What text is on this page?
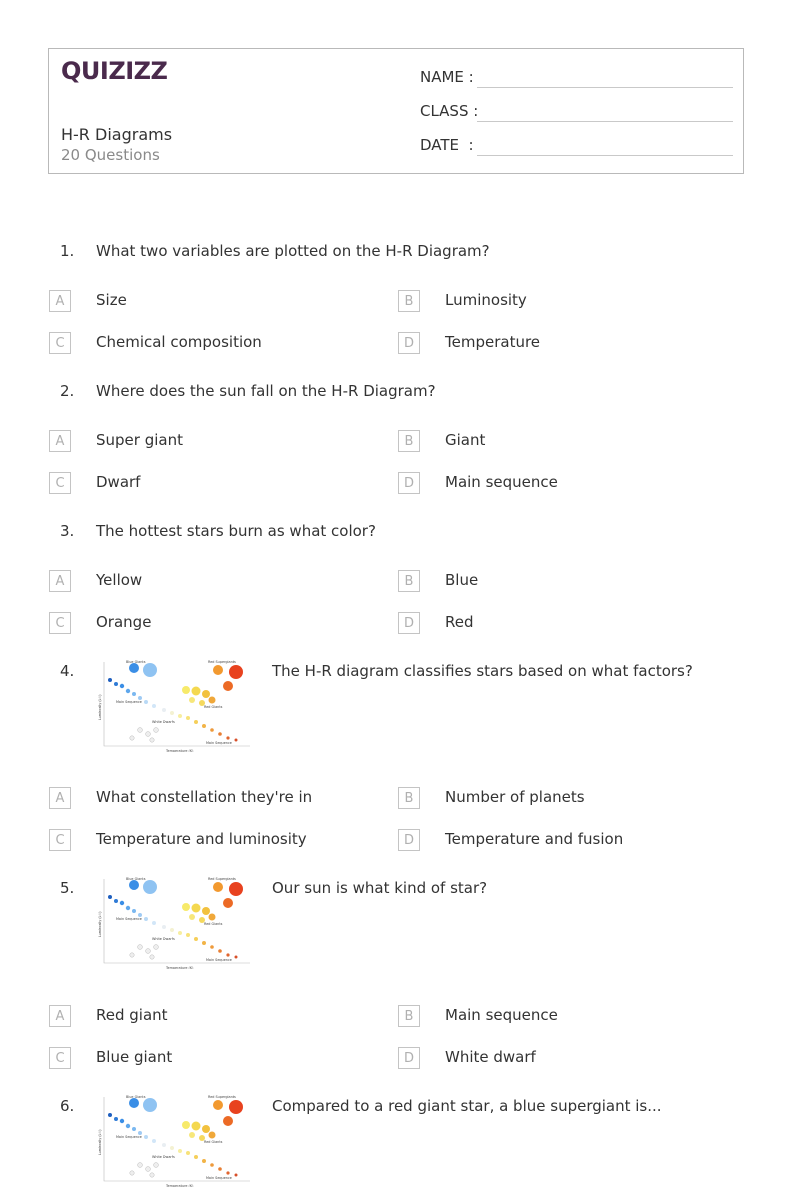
QUIZIZZ
H-R Diagrams
20 Questions
NAME :
CLASS :
DATE  :
1. What two variables are plotted on the H-R Diagram?
A	Size	B	Luminosity
C	Chemical composition	D	Temperature
2. Where does the sun fall on the H-R Diagram?
A	Super giant	B	Giant
C	Dwarf	D	Main sequence
3. The hottest stars burn as what color?
A	Yellow	B	Blue
C	Orange	D	Red
4.	Blue Giants	Red Supergiants
Red Giants
Main Sequence
White Dwarfs
Main Sequence
Temperature (K)
Luminosity (L☉)
The H-R diagram classifies stars based on what factors?
A	What constellation they're in	B	Number of planets
C	Temperature and luminosity	D	Temperature and fusion
5.	Blue Giants	Red Supergiants
Red Giants
Main Sequence
White Dwarfs
Main Sequence
Temperature (K)
Luminosity (L☉)
Our sun is what kind of star?
A	Red giant	B	Main sequence
C	Blue giant	D	White dwarf
6.	Blue Giants	Red Supergiants
Red Giants
Main Sequence
White Dwarfs
Main Sequence
Temperature (K)
Luminosity (L☉)
Compared to a red giant star, a blue supergiant is...
